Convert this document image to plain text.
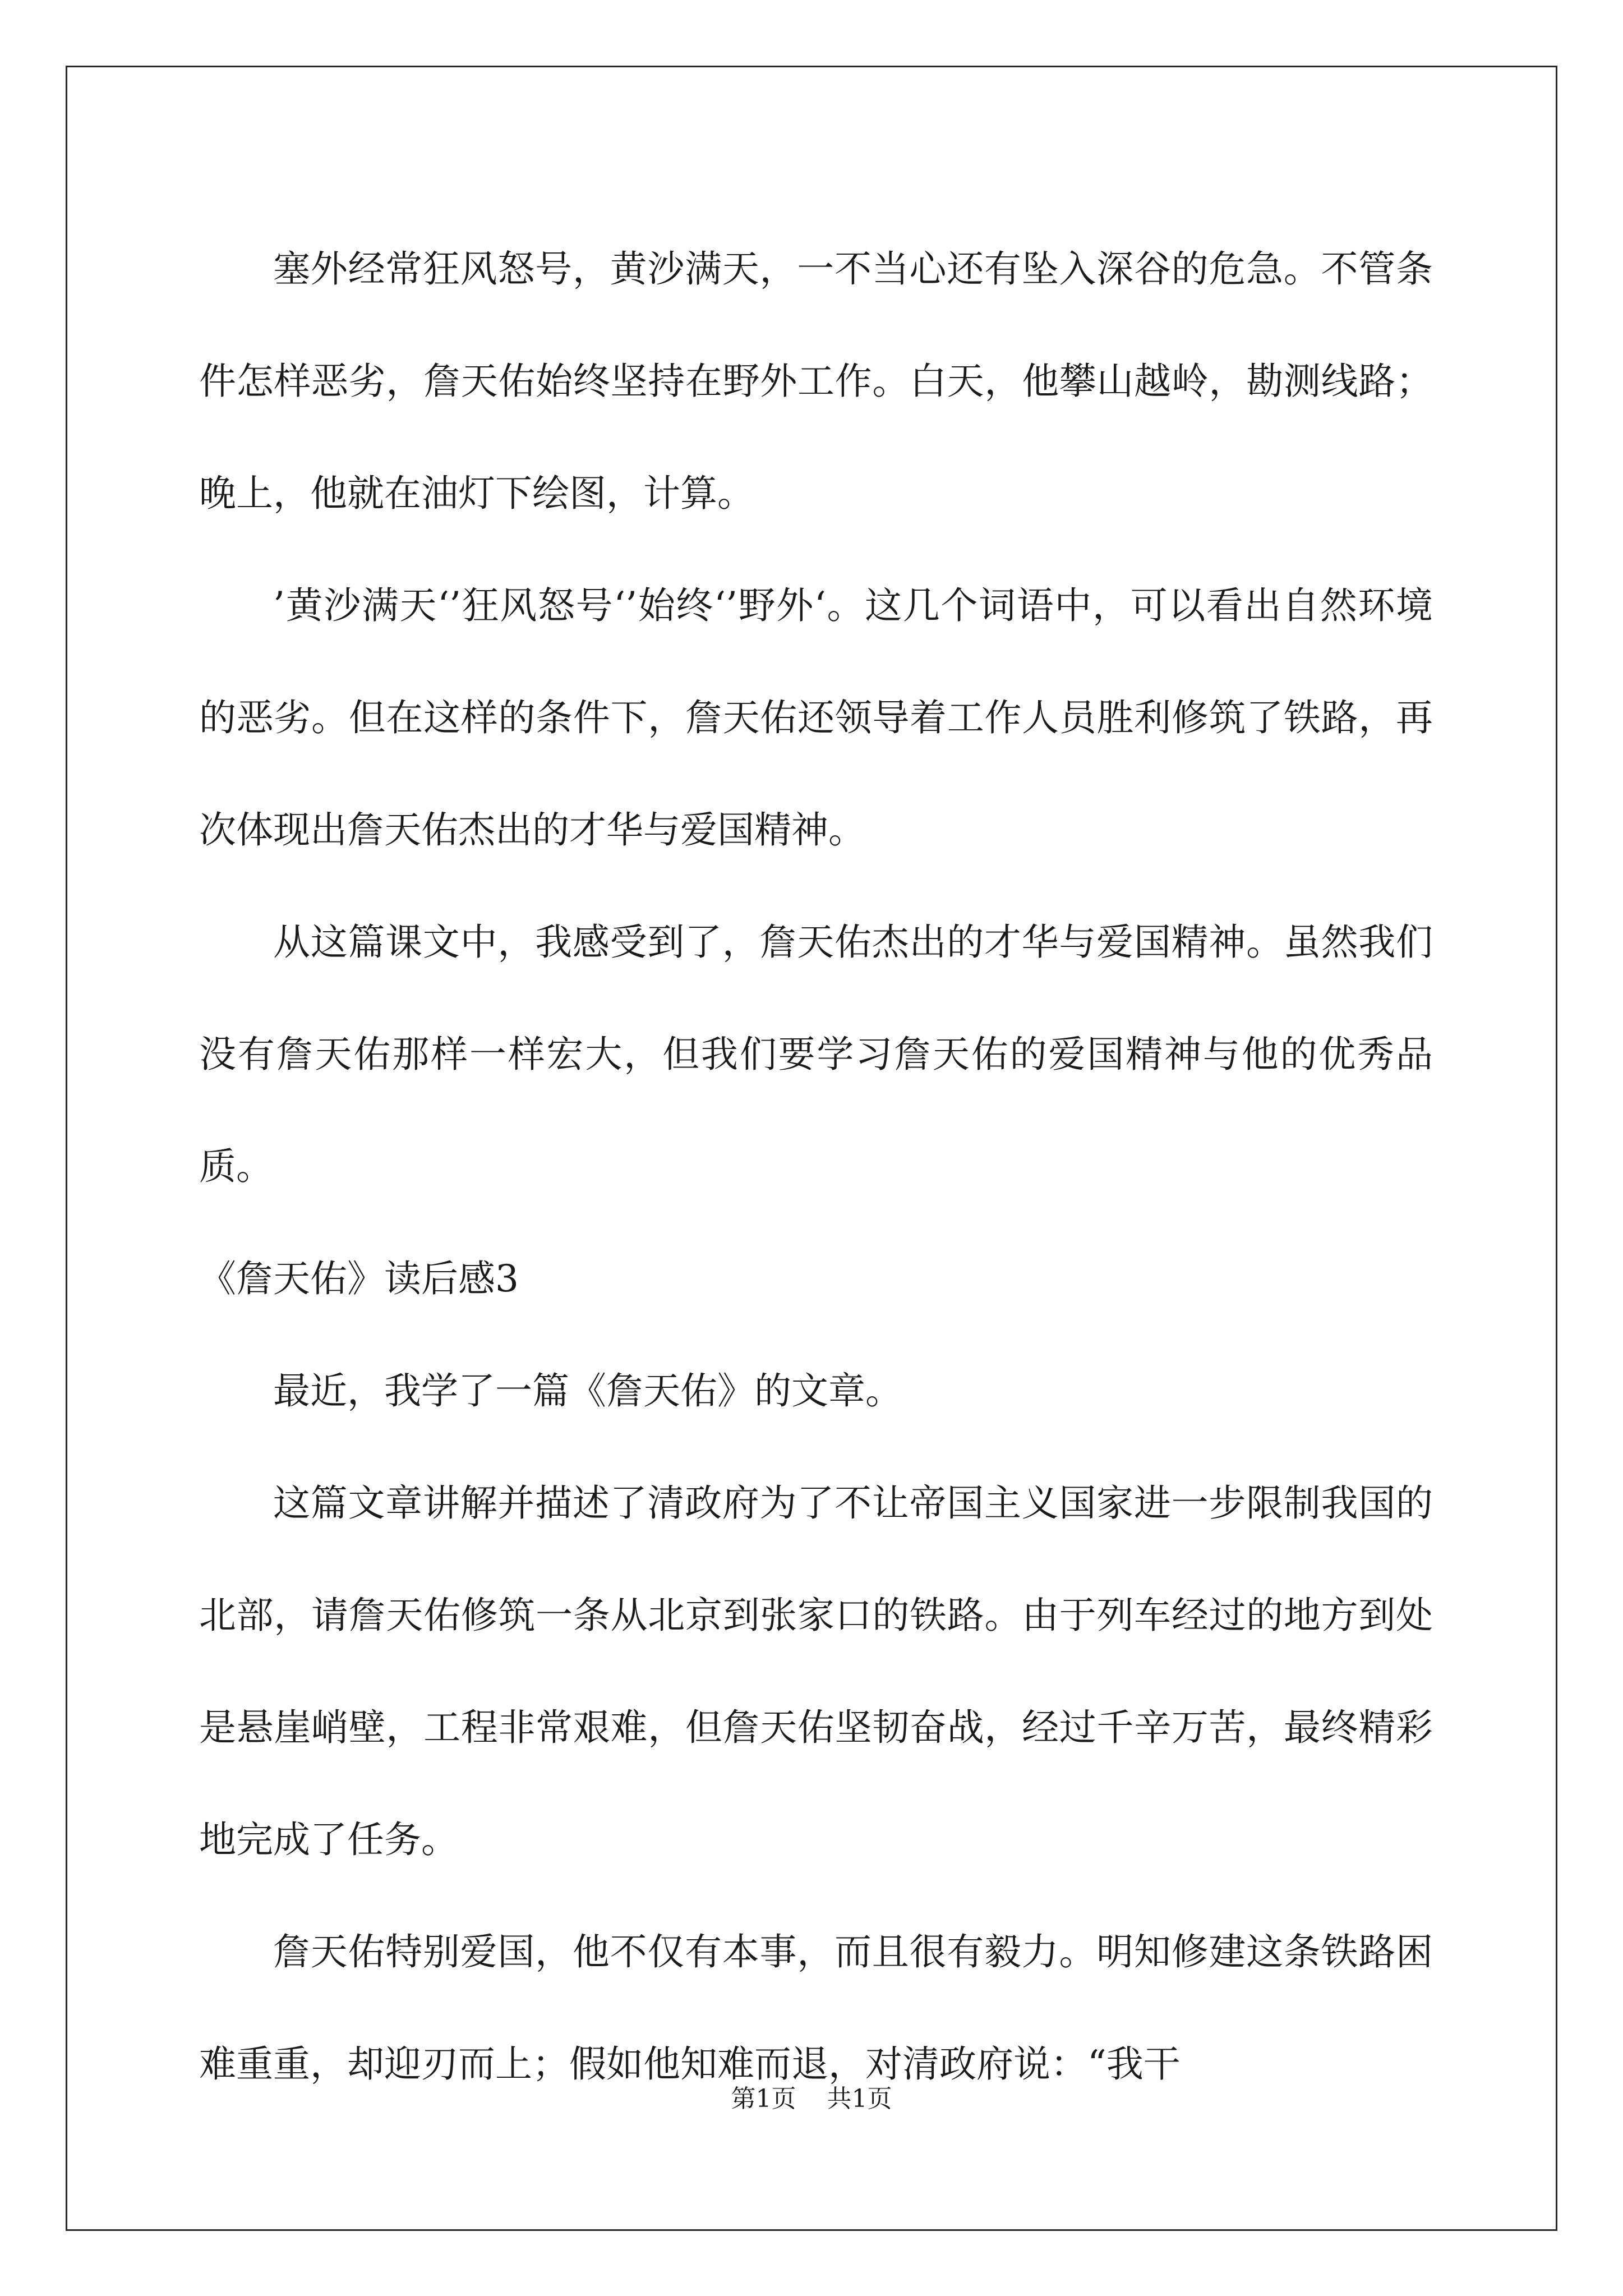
塞外经常狂风怒号，黄沙满天，一不当心还有坠入深谷的危急。不管条件怎样恶劣，詹天佑始终坚持在野外工作。白天，他攀山越岭，勘测线路；晚上，他就在油灯下绘图，计算。

’黄沙满天‘’狂风怒号‘’始终‘’野外‘。这几个词语中，可以看出自然环境的恶劣。但在这样的条件下，詹天佑还领导着工作人员胜利修筑了铁路，再次体现出詹天佑杰出的才华与爱国精神。

从这篇课文中，我感受到了，詹天佑杰出的才华与爱国精神。虽然我们没有詹天佑那样一样宏大，但我们要学习詹天佑的爱国精神与他的优秀品质。

《詹天佑》读后感3

最近，我学了一篇《詹天佑》的文章。

这篇文章讲解并描述了清政府为了不让帝国主义国家进一步限制我国的北部，请詹天佑修筑一条从北京到张家口的铁路。由于列车经过的地方到处是悬崖峭壁，工程非常艰难，但詹天佑坚韧奋战，经过千辛万苦，最终精彩地完成了任务。

詹天佑特别爱国，他不仅有本事，而且很有毅力。明知修建这条铁路困难重重，却迎刃而上；假如他知难而退，对清政府说：“我干

第1页 共1页
